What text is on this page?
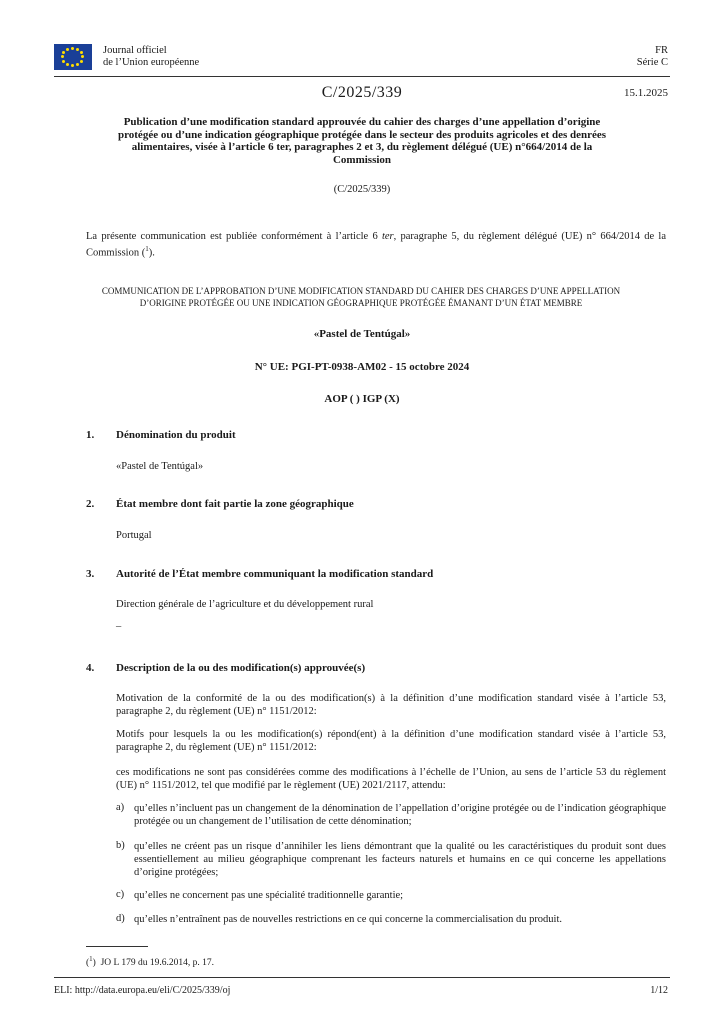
Journal officiel
de l’Union européenne
FR
Série C
C/2025/339	15.1.2025
Publication d’une modification standard approuvée du cahier des charges d’une appellation d’origine protégée ou d’une indication géographique protégée dans le secteur des produits agricoles et des denrées alimentaires, visée à l’article 6 ter, paragraphes 2 et 3, du règlement délégué (UE) n°664/2014 de la Commission
(C/2025/339)
La présente communication est publiée conformément à l’article 6 ter, paragraphe 5, du règlement délégué (UE) n° 664/2014 de la Commission ($^1$).
COMMUNICATION DE L’APPROBATION D’UNE MODIFICATION STANDARD DU CAHIER DES CHARGES D’UNE APPELLATION D’ORIGINE PROTÉGÉE OU UNE INDICATION GÉOGRAPHIQUE PROTÉGÉE ÉMANANT D’UN ÉTAT MEMBRE
«Pastel de Tentúgal»
N° UE: PGI-PT-0938-AM02 - 15 octobre 2024
AOP ( ) IGP (X)
1. Dénomination du produit
«Pastel de Tentúgal»
2. État membre dont fait partie la zone géographique
Portugal
3. Autorité de l’État membre communiquant la modification standard
Direction générale de l’agriculture et du développement rural
–
4. Description de la ou des modification(s) approuvée(s)
Motivation de la conformité de la ou des modification(s) à la définition d’une modification standard visée à l’article 53, paragraphe 2, du règlement (UE) n° 1151/2012:
Motifs pour lesquels la ou les modification(s) répond(ent) à la définition d’une modification standard visée à l’article 53, paragraphe 2, du règlement (UE) n° 1151/2012:
ces modifications ne sont pas considérées comme des modifications à l’échelle de l’Union, au sens de l’article 53 du règlement (UE) n° 1151/2012, tel que modifié par le règlement (UE) 2021/2117, attendu:
a) qu’elles n’incluent pas un changement de la dénomination de l’appellation d’origine protégée ou de l’indication géographique protégée ou un changement de l’utilisation de cette dénomination;
b) qu’elles ne créent pas un risque d’annihiler les liens démontrant que la qualité ou les caractéristiques du produit sont dues essentiellement au milieu géographique comprenant les facteurs naturels et humains en ce qui concerne les appellations d’origine protégées;
c) qu’elles ne concernent pas une spécialité traditionnelle garantie;
d) qu’elles n’entraînent pas de nouvelles restrictions en ce qui concerne la commercialisation du produit.
($^1$)  JO L 179 du 19.6.2014, p. 17.
ELI: http://data.europa.eu/eli/C/2025/339/oj	1/12
